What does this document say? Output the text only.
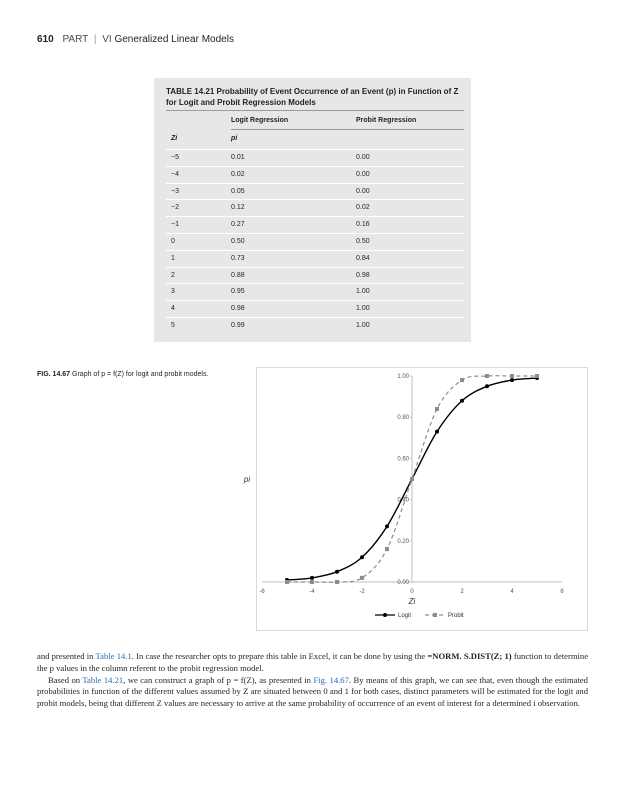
610 PART | VI Generalized Linear Models
TABLE 14.21 Probability of Event Occurrence of an Event (p) in Function of Z for Logit and Probit Regression Models
Logit Regression	Probit Regression
Zi	pi
−5	0.01	0.00
−4	0.02	0.00
−3	0.05	0.00
−2	0.12	0.02
−1	0.27	0.16
0	0.50	0.50
1	0.73	0.84
2	0.88	0.98
3	0.95	1.00
4	0.98	1.00
5	0.99	1.00
FIG. 14.67 Graph of p = f(Z) for logit and probit models.
-6	-4	-2	0	2	4	6
0.00
0.20
0.40
0.60
0.80
1.00
Zi
pi
Logit	Probit

and presented in Table 14.1. In case the researcher opts to prepare this table in Excel, it can be done by using the =NORM. S.DIST(Z; 1) function to determine the p values in the column referent to the probit regression model.

Based on Table 14.21, we can construct a graph of p = f(Z), as presented in Fig. 14.67. By means of this graph, we can see that, even though the estimated probabilities in function of the different values assumed by Z are situated between 0 and 1 for both cases, distinct parameters will be estimated for the logit and probit models, being that different Z values are necessary to arrive at the same probability of occurrence of an event of interest for a determined i observation.
